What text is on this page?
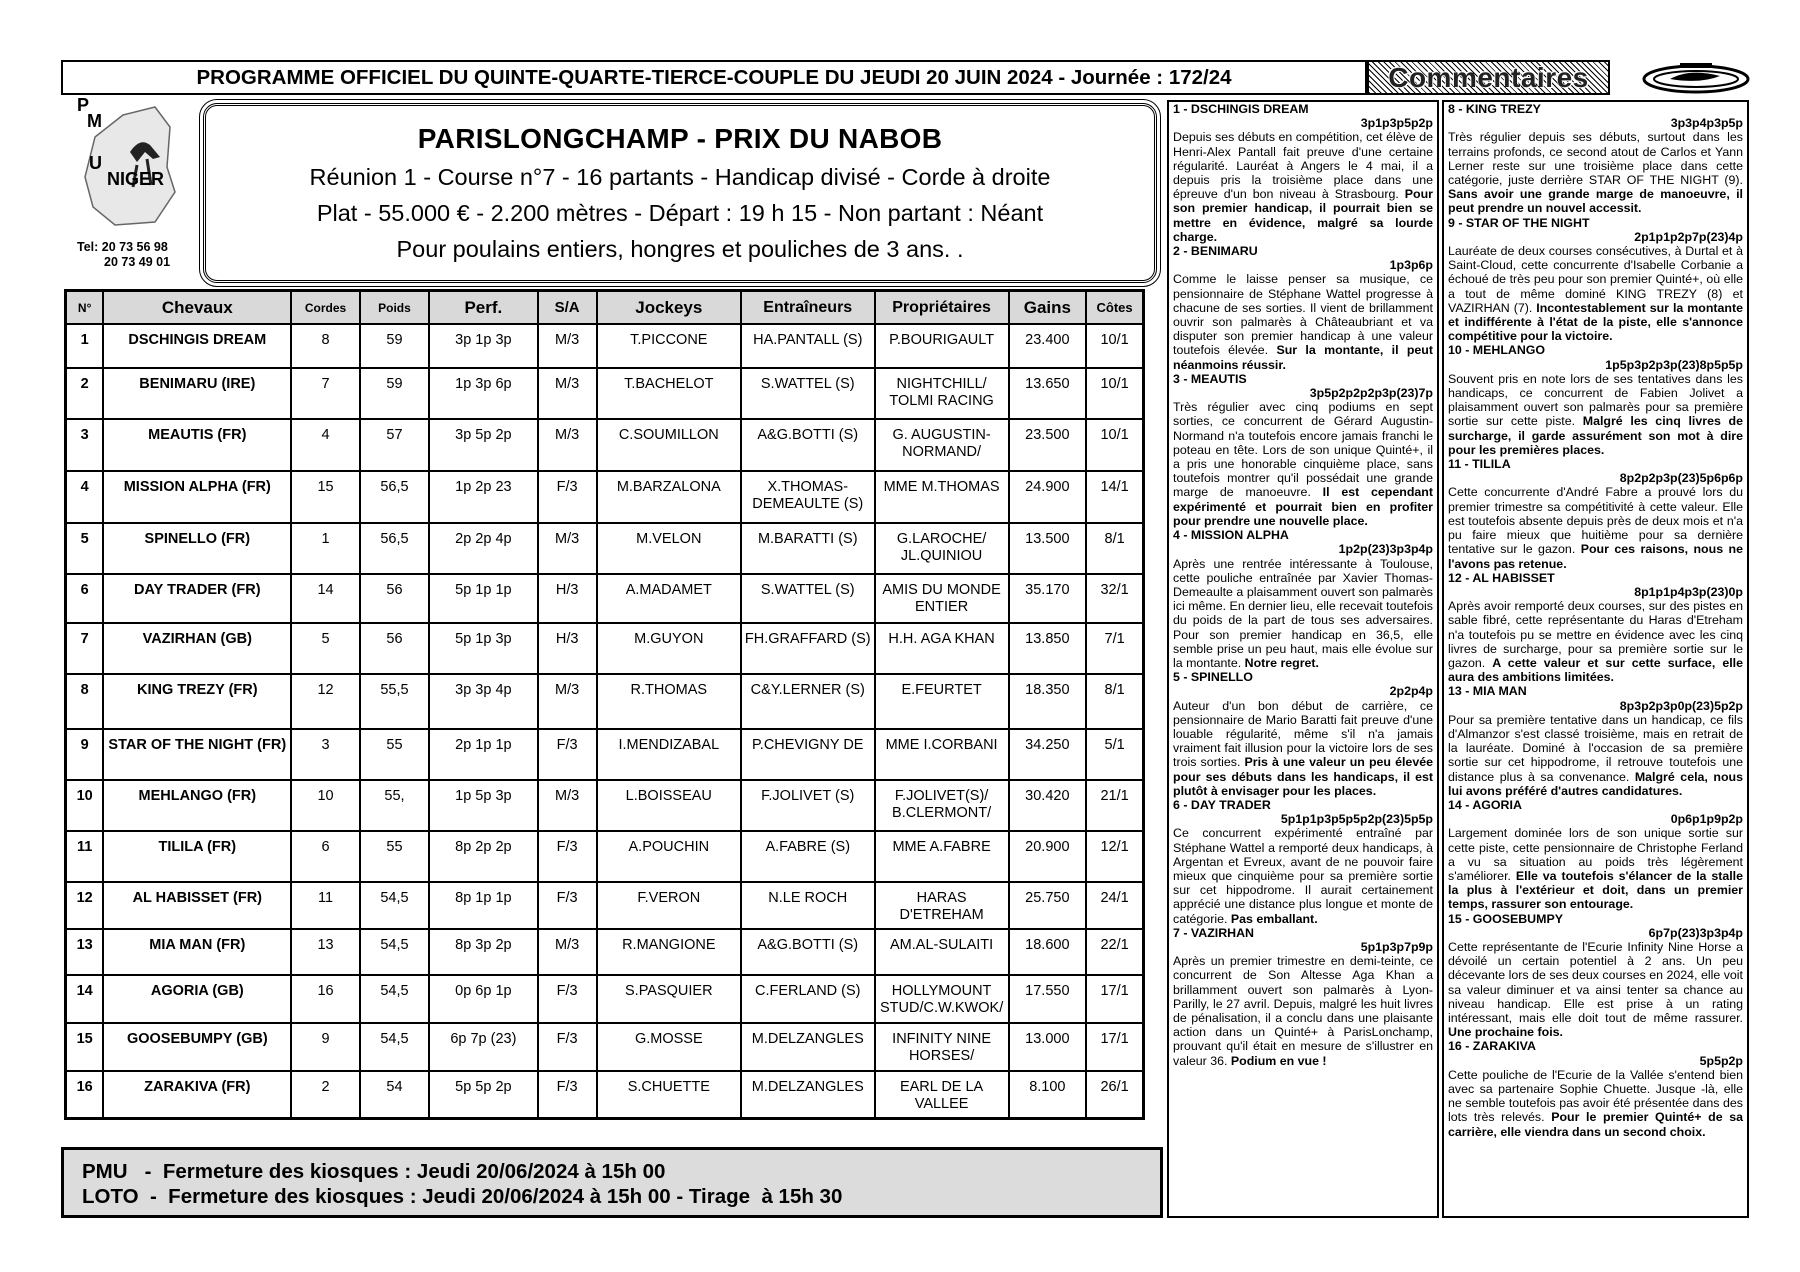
PROGRAMME OFFICIEL DU QUINTE-QUARTE-TIERCE-COUPLE DU JEUDI 20 JUIN 2024 - Journée : 172/24	Commentaires
P
M
U
NIGER
Tel: 20 73 56 98
20 73 49 01
PARISLONGCHAMP - PRIX DU NABOB
Réunion 1 - Course n°7 - 16 partants - Handicap divisé - Corde à droite
Plat - 55.000 € - 2.200 mètres - Départ : 19 h 15 - Non partant : Néant
Pour poulains entiers, hongres et pouliches de 3 ans. .
N°	Chevaux	Cordes	Poids	Perf.	S/A	Jockeys	Entraîneurs	Propriétaires	Gains	Côtes
1	DSCHINGIS DREAM	8	59	3p 1p 3p	M/3	T.PICCONE	HA.PANTALL (S)	P.BOURIGAULT	23.400	10/1
2	BENIMARU (IRE)	7	59	1p 3p 6p	M/3	T.BACHELOT	S.WATTEL (S)	NIGHTCHILL/ TOLMI RACING	13.650	10/1
3	MEAUTIS (FR)	4	57	3p 5p 2p	M/3	C.SOUMILLON	A&G.BOTTI (S)	G. AUGUSTIN-NORMAND/	23.500	10/1
4	MISSION ALPHA (FR)	15	56,5	1p 2p 23	F/3	M.BARZALONA	X.THOMAS-DEMEAULTE (S)	MME M.THOMAS	24.900	14/1
5	SPINELLO (FR)	1	56,5	2p 2p 4p	M/3	M.VELON	M.BARATTI (S)	G.LAROCHE/ JL.QUINIOU	13.500	8/1
6	DAY TRADER (FR)	14	56	5p 1p 1p	H/3	A.MADAMET	S.WATTEL (S)	AMIS DU MONDE ENTIER	35.170	32/1
7	VAZIRHAN (GB)	5	56	5p 1p 3p	H/3	M.GUYON	FH.GRAFFARD (S)	H.H. AGA KHAN	13.850	7/1
8	KING TREZY (FR)	12	55,5	3p 3p 4p	M/3	R.THOMAS	C&Y.LERNER (S)	E.FEURTET	18.350	8/1
9	STAR OF THE NIGHT (FR)	3	55	2p 1p 1p	F/3	I.MENDIZABAL	P.CHEVIGNY DE	MME I.CORBANI	34.250	5/1
10	MEHLANGO (FR)	10	55,	1p 5p 3p	M/3	L.BOISSEAU	F.JOLIVET (S)	F.JOLIVET(S)/ B.CLERMONT/	30.420	21/1
11	TILILA (FR)	6	55	8p 2p 2p	F/3	A.POUCHIN	A.FABRE (S)	MME A.FABRE	20.900	12/1
12	AL HABISSET (FR)	11	54,5	8p 1p 1p	F/3	F.VERON	N.LE ROCH	HARAS D'ETREHAM	25.750	24/1
13	MIA MAN (FR)	13	54,5	8p 3p 2p	M/3	R.MANGIONE	A&G.BOTTI (S)	AM.AL-SULAITI	18.600	22/1
14	AGORIA (GB)	16	54,5	0p 6p 1p	F/3	S.PASQUIER	C.FERLAND (S)	HOLLYMOUNT STUD/C.W.KWOK/	17.550	17/1
15	GOOSEBUMPY (GB)	9	54,5	6p 7p (23)	F/3	G.MOSSE	M.DELZANGLES	INFINITY NINE HORSES/	13.000	17/1
16	ZARAKIVA (FR)	2	54	5p 5p 2p	F/3	S.CHUETTE	M.DELZANGLES	EARL DE LA VALLEE	8.100	26/1
PMU   -  Fermeture des kiosques : Jeudi 20/06/2024 à 15h 00
LOTO  -  Fermeture des kiosques : Jeudi 20/06/2024 à 15h 00 - Tirage  à 15h 30
1 - DSCHINGIS DREAM
3p1p3p5p2p

Depuis ses débuts en compétition, cet élève de Henri-Alex Pantall fait preuve d'une certaine régularité. Lauréat à Angers le 4 mai, il a depuis pris la troisième place dans une épreuve d'un bon niveau à Strasbourg. Pour son premier handicap, il pourrait bien se mettre en évidence, malgré sa lourde charge.

2 - BENIMARU
1p3p6p

Comme le laisse penser sa musique, ce pensionnaire de Stéphane Wattel progresse à chacune de ses sorties. Il vient de brillamment ouvrir son palmarès à Châteaubriant et va disputer son premier handicap à une valeur toutefois élevée. Sur la montante, il peut néanmoins réussir.

3 - MEAUTIS
3p5p2p2p2p3p(23)7p

Très régulier avec cinq podiums en sept sorties, ce concurrent de Gérard Augustin-Normand n'a toutefois encore jamais franchi le poteau en tête. Lors de son unique Quinté+, il a pris une honorable cinquième place, sans toutefois montrer qu'il possédait une grande marge de manoeuvre. Il est cependant expérimenté et pourrait bien en profiter pour prendre une nouvelle place.

4 - MISSION ALPHA
1p2p(23)3p3p4p

Après une rentrée intéressante à Toulouse, cette pouliche entraînée par Xavier Thomas-Demeaulte a plaisamment ouvert son palmarès ici même. En dernier lieu, elle recevait toutefois du poids de la part de tous ses adversaires. Pour son premier handicap en 36,5, elle semble prise un peu haut, mais elle évolue sur la montante. Notre regret.

5 - SPINELLO
2p2p4p

Auteur d'un bon début de carrière, ce pensionnaire de Mario Baratti fait preuve d'une louable régularité, même s'il n'a jamais vraiment fait illusion pour la victoire lors de ses trois sorties. Pris à une valeur un peu élevée pour ses débuts dans les handicaps, il est plutôt à envisager pour les places.

6 - DAY TRADER
5p1p1p3p5p5p2p(23)5p5p

Ce concurrent expérimenté entraîné par Stéphane Wattel a remporté deux handicaps, à Argentan et Evreux, avant de ne pouvoir faire mieux que cinquième pour sa première sortie sur cet hippodrome. Il aurait certainement apprécié une distance plus longue et monte de catégorie. Pas emballant.

7 - VAZIRHAN
5p1p3p7p9p

Après un premier trimestre en demi-teinte, ce concurrent de Son Altesse Aga Khan a brillamment ouvert son palmarès à Lyon-Parilly, le 27 avril. Depuis, malgré les huit livres de pénalisation, il a conclu dans une plaisante action dans un Quinté+ à ParisLonchamp, prouvant qu'il était en mesure de s'illustrer en valeur 36. Podium en vue !

8 - KING TREZY
3p3p4p3p5p

Très régulier depuis ses débuts, surtout dans les terrains profonds, ce second atout de Carlos et Yann Lerner reste sur une troisième place dans cette catégorie, juste derrière STAR OF THE NIGHT (9). Sans avoir une grande marge de manoeuvre, il peut prendre un nouvel accessit.

9 - STAR OF THE NIGHT
2p1p1p2p7p(23)4p

Lauréate de deux courses consécutives, à Durtal et à Saint-Cloud, cette concurrente d'Isabelle Corbanie a échoué de très peu pour son premier Quinté+, où elle a tout de même dominé KING TREZY (8) et VAZIRHAN (7). Incontestablement sur la montante et indifférente à l'état de la piste, elle s'annonce compétitive pour la victoire.

10 - MEHLANGO
1p5p3p2p3p(23)8p5p5p

Souvent pris en note lors de ses tentatives dans les handicaps, ce concurrent de Fabien Jolivet a plaisamment ouvert son palmarès pour sa première sortie sur cette piste. Malgré les cinq livres de surcharge, il garde assurément son mot à dire pour les premières places.

11 - TILILA
8p2p2p3p(23)5p6p6p

Cette concurrente d'André Fabre a prouvé lors du premier trimestre sa compétitivité à cette valeur. Elle est toutefois absente depuis près de deux mois et n'a pu faire mieux que huitième pour sa dernière tentative sur le gazon. Pour ces raisons, nous ne l'avons pas retenue.

12 - AL HABISSET
8p1p1p4p3p(23)0p

Après avoir remporté deux courses, sur des pistes en sable fibré, cette représentante du Haras d'Etreham n'a toutefois pu se mettre en évidence avec les cinq livres de surcharge, pour sa première sortie sur le gazon. A cette valeur et sur cette surface, elle aura des ambitions limitées.

13 - MIA MAN
8p3p2p3p0p(23)5p2p

Pour sa première tentative dans un handicap, ce fils d'Almanzor s'est classé troisième, mais en retrait de la lauréate. Dominé à l'occasion de sa première sortie sur cet hippodrome, il retrouve toutefois une distance plus à sa convenance. Malgré cela, nous lui avons préféré d'autres candidatures.

14 - AGORIA
0p6p1p9p2p

Largement dominée lors de son unique sortie sur cette piste, cette pensionnaire de Christophe Ferland a vu sa situation au poids très légèrement s'améliorer. Elle va toutefois s'élancer de la stalle la plus à l'extérieur et doit, dans un premier temps, rassurer son entourage.

15 - GOOSEBUMPY
6p7p(23)3p3p4p

Cette représentante de l'Ecurie Infinity Nine Horse a dévoilé un certain potentiel à 2 ans. Un peu décevante lors de ses deux courses en 2024, elle voit sa valeur diminuer et va ainsi tenter sa chance au niveau handicap. Elle est prise à un rating intéressant, mais elle doit tout de même rassurer. Une prochaine fois.

16 - ZARAKIVA
5p5p2p

Cette pouliche de l'Ecurie de la Vallée s'entend bien avec sa partenaire Sophie Chuette. Jusque -là, elle ne semble toutefois pas avoir été présentée dans des lots très relevés. Pour le premier Quinté+ de sa carrière, elle viendra dans un second choix.
